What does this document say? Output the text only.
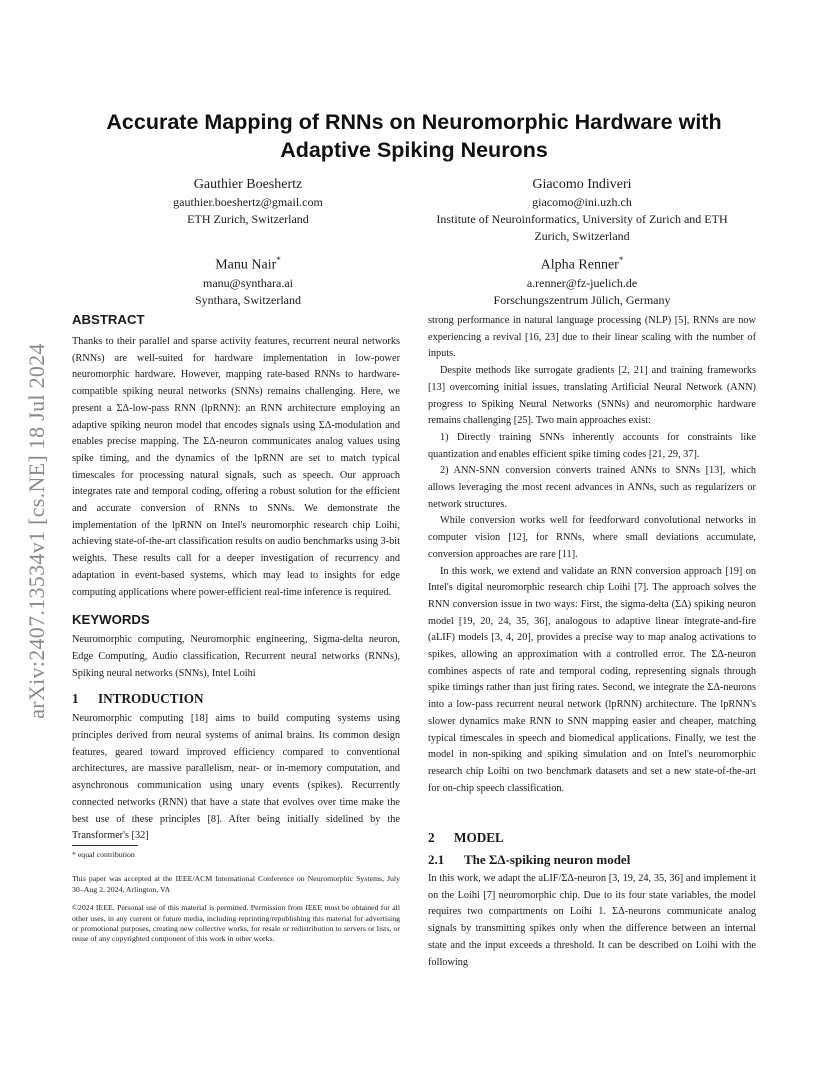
arXiv:2407.13534v1 [cs.NE] 18 Jul 2024
Accurate Mapping of RNNs on Neuromorphic Hardware with Adaptive Spiking Neurons
Gauthier Boeshertz
gauthier.boeshertz@gmail.com
ETH Zurich, Switzerland
Giacomo Indiveri
giacomo@ini.uzh.ch
Institute of Neuroinformatics, University of Zurich and ETH Zurich, Switzerland
Manu Nair*
manu@synthara.ai
Synthara, Switzerland
Alpha Renner*
a.renner@fz-juelich.de
Forschungszentrum Jülich, Germany
ABSTRACT

Thanks to their parallel and sparse activity features, recurrent neural networks (RNNs) are well-suited for hardware implementation in low-power neuromorphic hardware. However, mapping rate-based RNNs to hardware-compatible spiking neural networks (SNNs) remains challenging. Here, we present a ΣΔ-low-pass RNN (lpRNN): an RNN architecture employing an adaptive spiking neuron model that encodes signals using ΣΔ-modulation and enables precise mapping. The ΣΔ-neuron communicates analog values using spike timing, and the dynamics of the lpRNN are set to match typical timescales for processing natural signals, such as speech. Our approach integrates rate and temporal coding, offering a robust solution for the efficient and accurate conversion of RNNs to SNNs. We demonstrate the implementation of the lpRNN on Intel's neuromorphic research chip Loihi, achieving state-of-the-art classification results on audio benchmarks using 3-bit weights. These results call for a deeper investigation of recurrency and adaptation in event-based systems, which may lead to insights for edge computing applications where power-efficient real-time inference is required.

KEYWORDS

Neuromorphic computing, Neuromorphic engineering, Sigma-delta neuron, Edge Computing, Audio classification, Recurrent neural networks (RNNs), Spiking neural networks (SNNs), Intel Loihi

1 INTRODUCTION

Neuromorphic computing [18] aims to build computing systems using principles derived from neural systems of animal brains. Its common design features, geared toward improved efficiency compared to conventional architectures, are massive parallelism, near- or in-memory computation, and asynchronous communication using unary events (spikes). Recurrently connected networks (RNN) that have a state that evolves over time make the best use of these principles [8]. After being initially sidelined by the Transformer's [32]

* equal contribution

This paper was accepted at the IEEE/ACM International Conference on Neuromorphic Systems, July 30–Aug 2, 2024, Arlington, VA

©2024 IEEE. Personal use of this material is permitted. Permission from IEEE must be obtained for all other uses, in any current or future media, including reprinting/republishing this material for advertising or promotional purposes, creating new collective works, for resale or redistribution to servers or lists, or reuse of any copyrighted component of this work in other works.

strong performance in natural language processing (NLP) [5], RNNs are now experiencing a revival [16, 23] due to their linear scaling with the number of inputs.

Despite methods like surrogate gradients [2, 21] and training frameworks [13] overcoming initial issues, translating Artificial Neural Network (ANN) progress to Spiking Neural Networks (SNNs) and neuromorphic hardware remains challenging [25]. Two main approaches exist:

1) Directly training SNNs inherently accounts for constraints like quantization and enables efficient spike timing codes [21, 29, 37].

2) ANN-SNN conversion converts trained ANNs to SNNs [13], which allows leveraging the most recent advances in ANNs, such as regularizers or network structures.

While conversion works well for feedforward convolutional networks in computer vision [12], for RNNs, where small deviations accumulate, conversion approaches are rare [11].

In this work, we extend and validate an RNN conversion approach [19] on Intel's digital neuromorphic research chip Loihi [7]. The approach solves the RNN conversion issue in two ways: First, the sigma-delta (ΣΔ) spiking neuron model [19, 20, 24, 35, 36], analogous to adaptive linear integrate-and-fire (aLIF) models [3, 4, 20], provides a precise way to map analog activations to spikes, allowing an approximation with a controlled error. The ΣΔ-neuron combines aspects of rate and temporal coding, representing signals through spike timings rather than just firing rates. Second, we integrate the ΣΔ-neurons into a low-pass recurrent neural network (lpRNN) architecture. The lpRNN's slower dynamics make RNN to SNN mapping easier and cheaper, matching typical timescales in speech and biomedical applications. Finally, we test the model in non-spiking and spiking simulation and on Intel's neuromorphic research chip Loihi on two benchmark datasets and set a new state-of-the-art for on-chip speech classification.

2 MODEL
2.1 The ΣΔ-spiking neuron model

In this work, we adapt the aLIF/ΣΔ-neuron [3, 19, 24, 35, 36] and implement it on the Loihi [7] neuromorphic chip. Due to its four state variables, the model requires two compartments on Loihi 1. ΣΔ-neurons communicate analog signals by transmitting spikes only when the difference between an internal state and the input exceeds a threshold. It can be described on Loihi with the following
